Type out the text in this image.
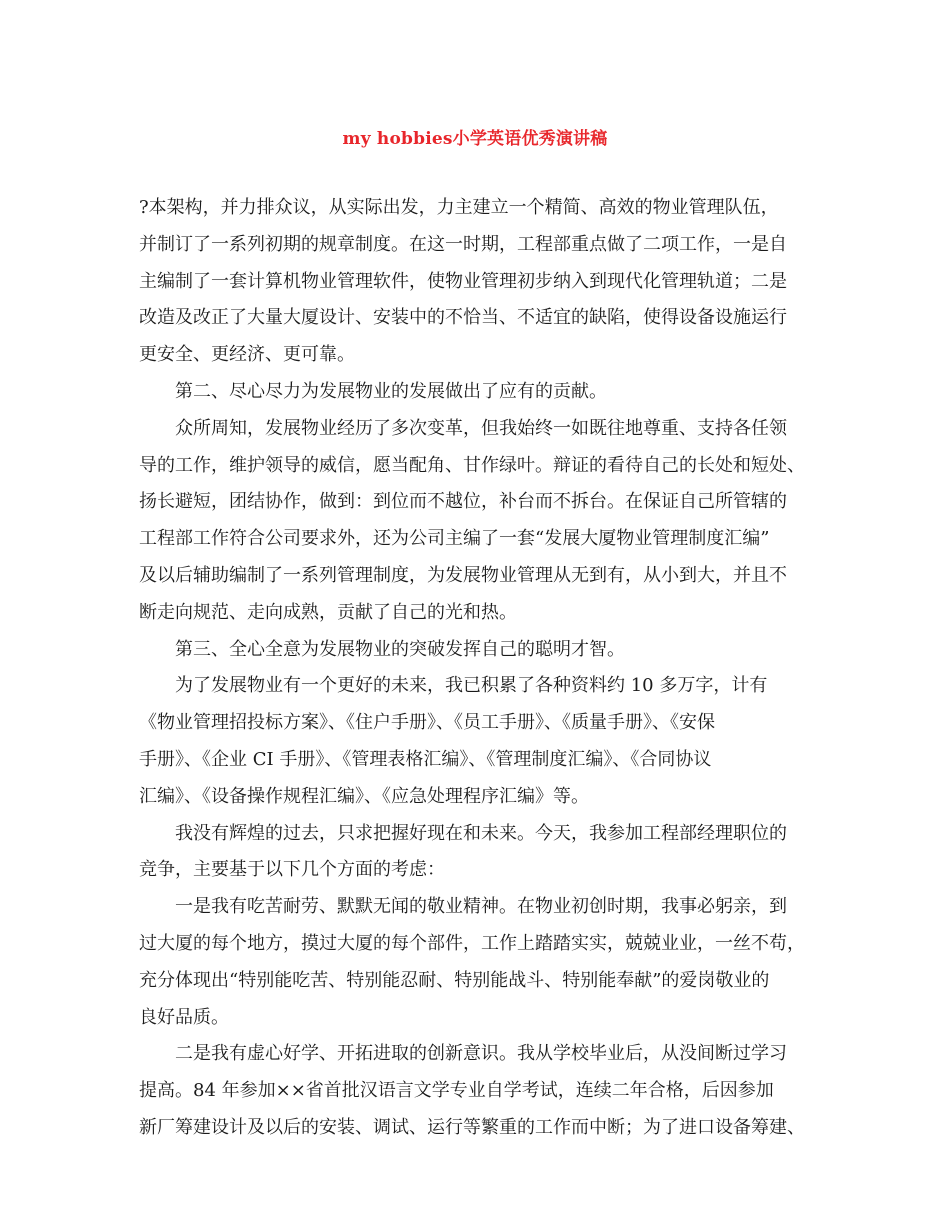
my hobbies小学英语优秀演讲稿

?本架构，并力排众议，从实际出发，力主建立一个精简、高效的物业管理队伍，
并制订了一系列初期的规章制度。在这一时期，工程部重点做了二项工作，一是自
主编制了一套计算机物业管理软件，使物业管理初步纳入到现代化管理轨道；二是
改造及改正了大量大厦设计、安装中的不恰当、不适宜的缺陷，使得设备设施运行
更安全、更经济、更可靠。

　　第二、尽心尽力为发展物业的发展做出了应有的贡献。

　　众所周知，发展物业经历了多次变革，但我始终一如既往地尊重、支持各任领
导的工作，维护领导的威信，愿当配角、甘作绿叶。辩证的看待自己的长处和短处、
扬长避短，团结协作，做到：到位而不越位，补台而不拆台。在保证自己所管辖的
工程部工作符合公司要求外，还为公司主编了一套“发展大厦物业管理制度汇编”
及以后辅助编制了一系列管理制度，为发展物业管理从无到有，从小到大，并且不
断走向规范、走向成熟，贡献了自己的光和热。

　　第三、全心全意为发展物业的突破发挥自己的聪明才智。

　　为了发展物业有一个更好的未来，我已积累了各种资料约 10 多万字，计有
《物业管理招投标方案》、《住户手册》、《员工手册》、《质量手册》、《安保
手册》、《企业 CI 手册》、《管理表格汇编》、《管理制度汇编》、《合同协议
汇编》、《设备操作规程汇编》、《应急处理程序汇编》等。

　　我没有辉煌的过去，只求把握好现在和未来。今天，我参加工程部经理职位的
竞争，主要基于以下几个方面的考虑：

　　一是我有吃苦耐劳、默默无闻的敬业精神。在物业初创时期，我事必躬亲，到
过大厦的每个地方，摸过大厦的每个部件，工作上踏踏实实，兢兢业业，一丝不苟，
充分体现出“特别能吃苦、特别能忍耐、特别能战斗、特别能奉献”的爱岗敬业的
良好品质。

　　二是我有虚心好学、开拓进取的创新意识。我从学校毕业后，从没间断过学习
提高。84 年参加××省首批汉语言文学专业自学考试，连续二年合格，后因参加
新厂筹建设计及以后的安装、调试、运行等繁重的工作而中断；为了进口设备筹建、
